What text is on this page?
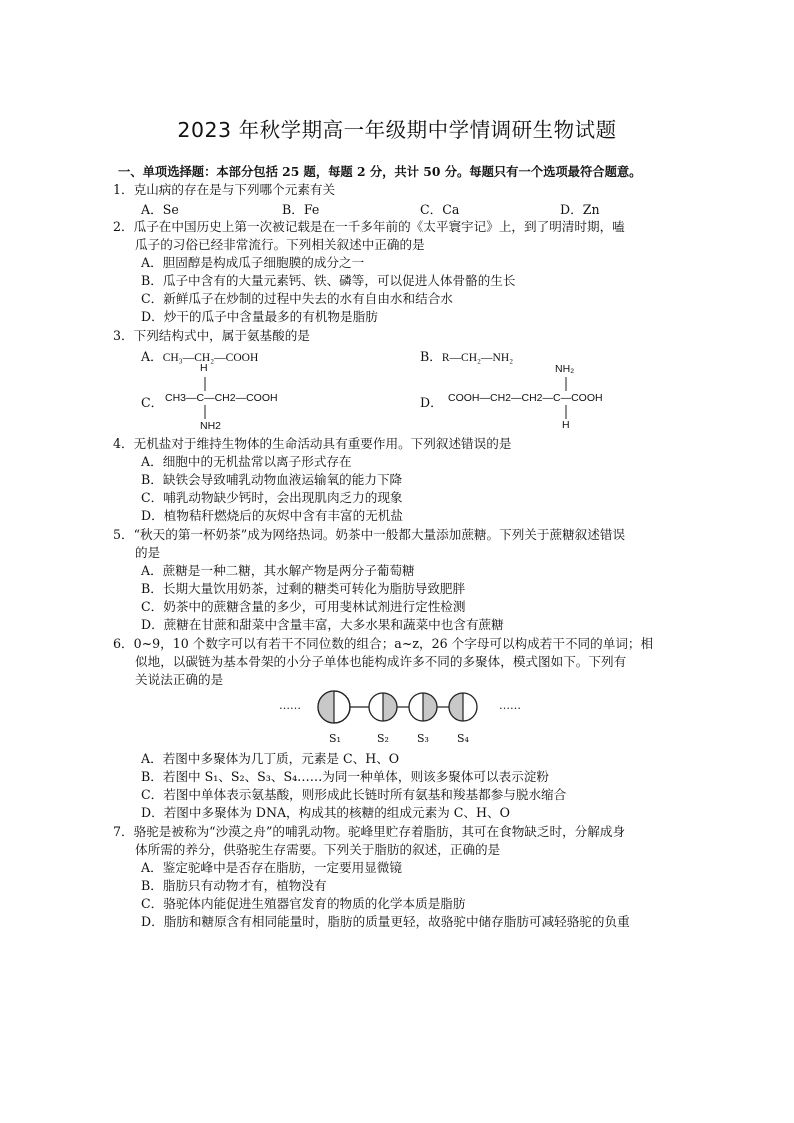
2023 年秋学期高一年级期中学情调研生物试题
一、单项选择题：本部分包括 25 题，每题 2 分，共计 50 分。每题只有一个选项最符合题意。
1．克山病的存在是与下列哪个元素有关
A．Se	B．Fe	C．Ca	D．Zn
2．瓜子在中国历史上第一次被记载是在一千多年前的《太平寰宇记》上，到了明清时期，嗑
瓜子的习俗已经非常流行。下列相关叙述中正确的是
A．胆固醇是构成瓜子细胞膜的成分之一
B．瓜子中含有的大量元素钙、铁、磷等，可以促进人体骨骼的生长
C．新鲜瓜子在炒制的过程中失去的水有自由水和结合水
D．炒干的瓜子中含量最多的有机物是脂肪
3．下列结构式中，属于氨基酸的是
A．CH₃—CH₂—COOH	B．R—CH₂—NH₂
C．
H
CH3—C—CH2—COOH
NH2
D．
NH₂
COOH—CH2—CH2—C—COOH
H
4．无机盐对于维持生物体的生命活动具有重要作用。下列叙述错误的是
A．细胞中的无机盐常以离子形式存在
B．缺铁会导致哺乳动物血液运输氧的能力下降
C．哺乳动物缺少钙时，会出现肌肉乏力的现象
D．植物秸秆燃烧后的灰烬中含有丰富的无机盐
5．“秋天的第一杯奶茶”成为网络热词。奶茶中一般都大量添加蔗糖。下列关于蔗糖叙述错误
的是
A．蔗糖是一种二糖，其水解产物是两分子葡萄糖
B．长期大量饮用奶茶，过剩的糖类可转化为脂肪导致肥胖
C．奶茶中的蔗糖含量的多少，可用斐林试剂进行定性检测
D．蔗糖在甘蔗和甜菜中含量丰富，大多水果和蔬菜中也含有蔗糖
6．0~9，10 个数字可以有若干不同位数的组合；a~z，26 个字母可以构成若干不同的单词；相
似地，以碳链为基本骨架的小分子单体也能构成许多不同的多聚体，模式图如下。下列有
关说法正确的是
……	……
S₁	S₂	S₃	S₄
A．若图中多聚体为几丁质，元素是 C、H、O
B．若图中 S₁、S₂、S₃、S₄……为同一种单体，则该多聚体可以表示淀粉
C．若图中单体表示氨基酸，则形成此长链时所有氨基和羧基都参与脱水缩合
D．若图中多聚体为 DNA，构成其的核糖的组成元素为 C、H、O
7．骆驼是被称为“沙漠之舟”的哺乳动物。驼峰里贮存着脂肪，其可在食物缺乏时，分解成身
体所需的养分，供骆驼生存需要。下列关于脂肪的叙述，正确的是
A．鉴定驼峰中是否存在脂肪，一定要用显微镜
B．脂肪只有动物才有，植物没有
C．骆驼体内能促进生殖器官发育的物质的化学本质是脂肪
D．脂肪和糖原含有相同能量时，脂肪的质量更轻，故骆驼中储存脂肪可减轻骆驼的负重
